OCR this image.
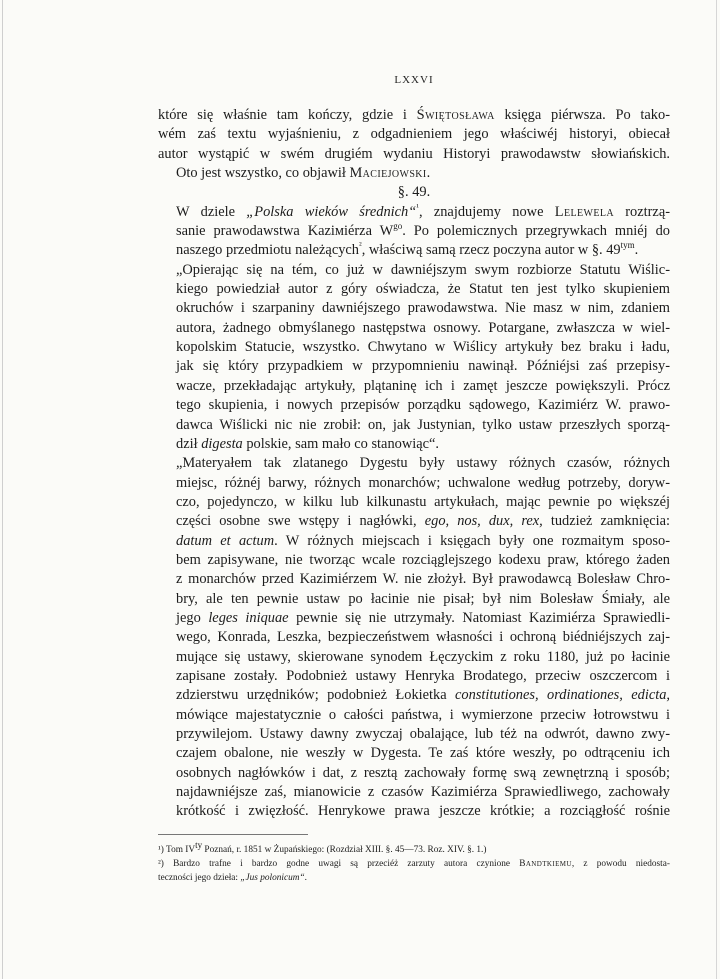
LXXVI

które się właśnie tam kończy, gdzie i Świętosława księga piérwsza. Po tako-
wém zaś textu wyjaśnieniu, z odgadnieniem jego właściwéj historyi, obiecał
autor wystąpić w swém drugiém wydaniu Historyi prawodawstw słowiańskich.

Oto jest wszystko, co objawił Maciejowski.

§. 49.

W dziele „Polska wieków średnich“$^{^1}$, znajdujemy nowe Lelewela roztrzą-
sanie prawodawstwa Kaziміérza $W^{go}$. Po polemicznych przegrywkach mniéj do
naszego przedmiotu należących$^{^2}$, właściwą samą rzecz poczyna autor w §. $49^{tym}$.

„Opierając się na tém, co już w dawniéjszym swym rozbiorze Statutu Wiślic-
kiego powiedział autor z góry oświadcza, że Statut ten jest tylko skupieniem
okruchów i szarpaniny dawniéjszego prawodawstwa. Nie masz w nim, zdaniem
autora, żadnego obmyślanego następstwa osnowy. Potargane, zwłaszcza w wiel-
kopolskim Statucie, wszystko. Chwytano w Wiślicy artykuły bez braku i ładu,
jak się który przypadkiem w przypomnieniu nawinął. Późniéjsi zaś przepisy-
wacze, przekładając artykuły, plątaninę ich i zamęt jeszcze powiększyli. Prócz
tego skupienia, i nowych przepisów porządku sądowego, Kazimiérz W. prawo-
dawca Wiślicki nic nie zrobił: on, jak Justynian, tylko ustaw przeszłych sporzą-
dził digesta polskie, sam mało co stanowiąc“.

„Materyałem tak zlatanego Dygestu były ustawy różnych czasów, różnych
miejsc, różnéj barwy, różnych monarchów; uchwalone według potrzeby, doryw-
czo, pojedynczo, w kilku lub kilkunastu artykułach, mając pewnie po większéj
części osobne swe wstępy i nagłówki, ego, nos, dux, rex, tudzież zamknięcia:
datum et actum. W różnych miejscach i księgach były one rozmaitym sposo-
bem zapisywane, nie tworząc wcale rozciąglejszego kodexu praw, którego żaden
z monarchów przed Kazimiérzem W. nie złożył. Był prawodawcą Bolesław Chro-
bry, ale ten pewnie ustaw po łacinie nie pisał; był nim Bolesław Śmiały, ale
jego leges iniquae pewnie się nie utrzymały. Natomiast Kazimiérza Sprawiedli-
wego, Konrada, Leszka, bezpieczeństwem własności i ochroną biédniéjszych zaj-
mujące się ustawy, skierowane synodem Łęczyckim z roku 1180, już po łacinie
zapisane zostały. Podobnież ustawy Henryka Brodatego, przeciw oszczercom i
zdzierstwu urzędników; podobnież Łokietka constitutiones, ordinationes, edicta,
mówiące majestatycznie o całości państwa, i wymierzone przeciw łotrowstwu i
przywilejom. Ustawy dawny zwyczaj obalające, lub téż na odwrót, dawno zwy-
czajem obalone, nie weszły w Dygesta. Te zaś które weszły, po odtrąceniu ich
osobnych nagłówków i dat, z resztą zachowały formę swą zewnętrzną i sposób;
najdawniéjsze zaś, mianowicie z czasów Kazimiérza Sprawiedliwego, zachowały
krótkość i zwięzłość. Henrykowe prawa jeszcze krótkie; a rozciągłość rośnie

¹) Tom $IV^{ty}$ Poznań, r. 1851 w Żupańskiego: (Rozdział XIII. §. 45—73. Roz. XIV. §. 1.)
²) Bardzo trafne i bardzo godne uwagi są przeciéż zarzuty autora czynione Bandtkiemu, z powodu niedosta-
teczności jego dzieła: „Jus polonicum“.
